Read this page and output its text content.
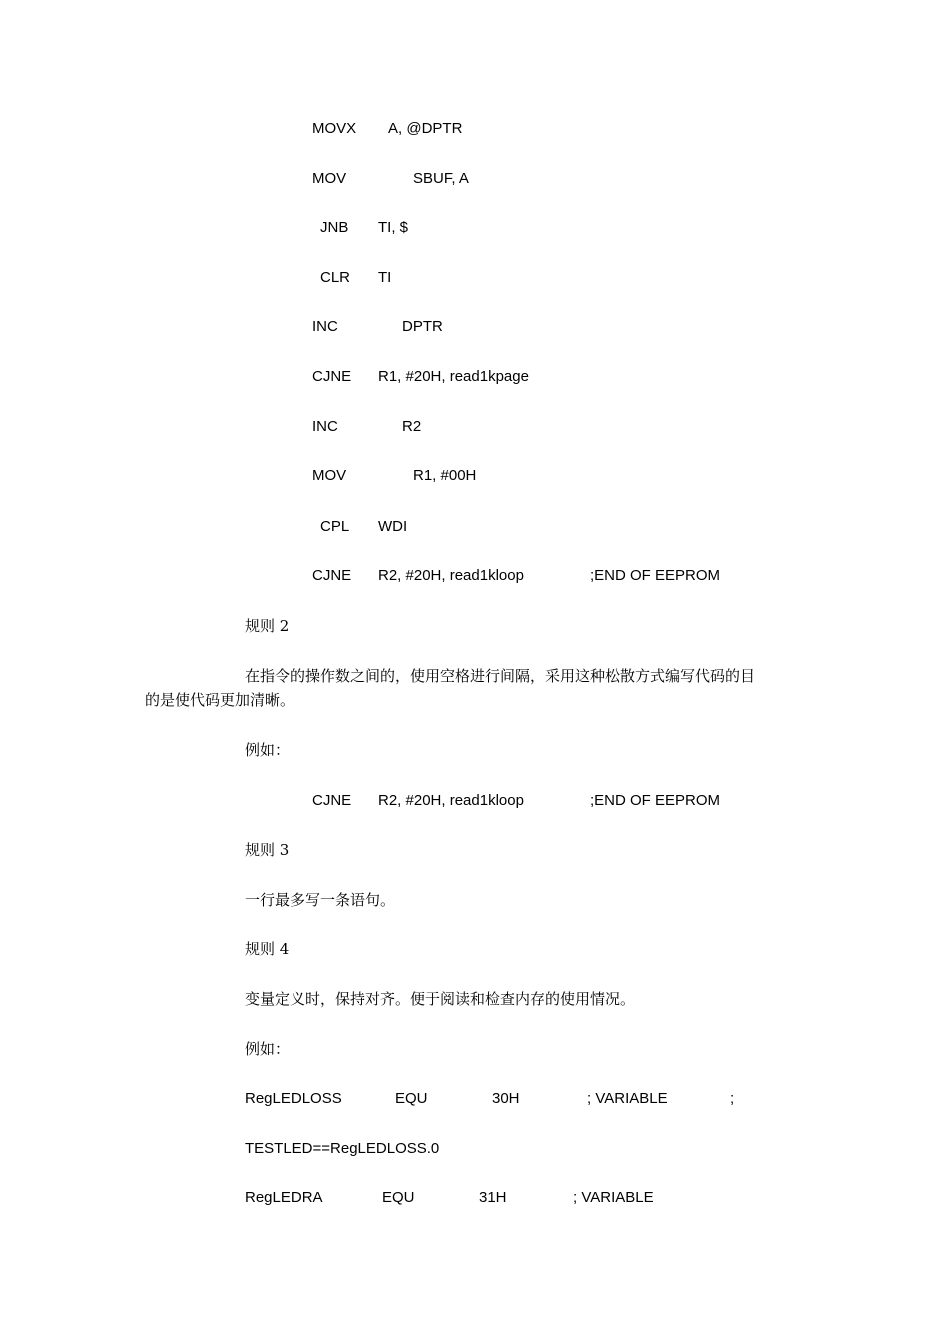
MOVX A, @DPTR
MOV	SBUF, A
JNB TI, $
CLR TI
INC	DPTR
CJNE R1, #20H, read1kpage
INC	R2
MOV	R1, #00H
CPL WDI
CJNE R2, #20H, read1kloop	;END OF EEPROM
规则 2
在指令的操作数之间的，使用空格进行间隔，采用这种松散方式编写代码的目
的是使代码更加清晰。
例如：
CJNE R2, #20H, read1kloop	;END OF EEPROM
规则 3
一行最多写一条语句。
规则 4
变量定义时，保持对齐。便于阅读和检查内存的使用情况。
例如：
RegLEDLOSS	EQU	30H	; VARIABLE	;
TESTLED==RegLEDLOSS.0
RegLEDRA	EQU	31H	; VARIABLE
